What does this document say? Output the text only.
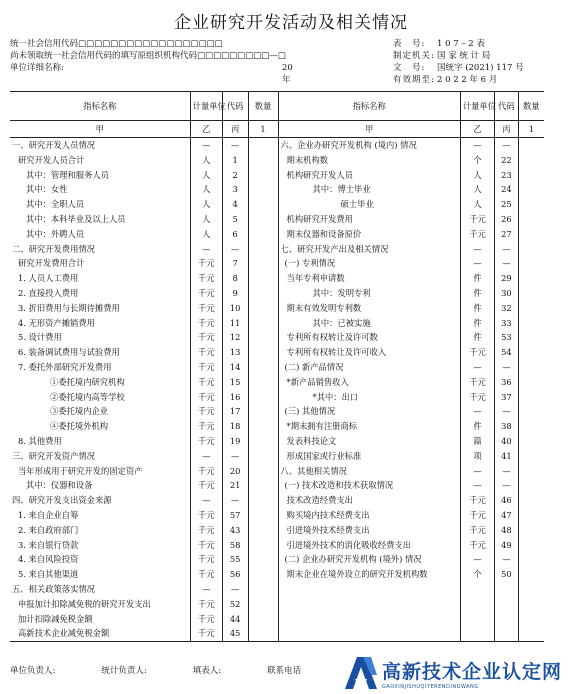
企业研究开发活动及相关情况
统一社会信用代码□□□□□□□□□□□□□□□□□□
尚未领取统一社会信用代码的填写原组织机构代码□□□□□□□□□—□
单位详细名称:	20　　年
表　号:	1 0 7 – 2 表
制定机关: 国 家 统 计 局
文　号:	国统字 (2021) 117 号
有效期至: 2 0 2 2 年 6 月
指标名称	计量单位	代码	数量	指标名称	计量单位	代码	数量
甲	乙	丙	1	甲	乙	丙	1
一、研究开发人员情况	—	—		六、企业办研究开发机构 (境内) 情况	—	—	
研究开发人员合计	人	1		期末机构数	个	22	
其中：管理和服务人员	人	2		机构研究开发人员	人	23	
其中：女性	人	3		其中：博士毕业	人	24	
其中：全职人员	人	4		硕士毕业	人	25	
其中：本科毕业及以上人员	人	5		机构研究开发费用	千元	26	
其中：外聘人员	人	6		期末仪器和设备原价	千元	27	
二、研究开发费用情况	—	—		七、研究开发产出及相关情况	—	—	
研究开发费用合计	千元	7		(一) 专利情况	—	—	
1. 人员人工费用	千元	8		当年专利申请数	件	29	
2. 直接投入费用	千元	9		其中：发明专利	件	30	
3. 折旧费用与长期待摊费用	千元	10		期末有效发明专利数	件	32	
4. 无形资产摊销费用	千元	11		其中：已被实施	件	33	
5. 设计费用	千元	12		专利所有权转让及许可数	件	53	
6. 装备调试费用与试验费用	千元	13		专利所有权转让及许可收入	千元	54	
7. 委托外部研究开发费用	千元	14		(二) 新产品情况	—	—	
①委托境内研究机构	千元	15		*新产品销售收入	千元	36	
②委托境内高等学校	千元	16		*其中：出口	千元	37	
③委托境内企业	千元	17		(三) 其他情况	—	—	
④委托境外机构	千元	18		*期末拥有注册商标	件	38	
8. 其他费用	千元	19		发表科技论文	篇	40	
三、研究开发资产情况	—	—		形成国家或行业标准	项	41	
当年形成用于研究开发的固定资产	千元	20		八、其他相关情况	—	—	
其中：仪器和设备	千元	21		(一) 技术改造和技术获取情况	—	—	
四、研究开发支出资金来源	—	—		技术改造经费支出	千元	46	
1. 来自企业自筹	千元	57		购买境内技术经费支出	千元	47	
2. 来自政府部门	千元	43		引进境外技术经费支出	千元	48	
3. 来自银行贷款	千元	58		引进境外技术的消化吸收经费支出	千元	49	
4. 来自风险投资	千元	55		(二) 企业办研究开发机构 (境外) 情况	—	—	
5. 来自其他渠道	千元	56		期末企业在境外设立的研究开发机构数	个	50	
五、相关政策落实情况	—	—					
申报加计扣除减免税的研究开发支出	千元	52					
加计扣除减免税金额	千元	44					
高新技术企业减免税金额	千元	45					
单位负责人:	统计负责人:	填表人:	联系电话	高新技术企业认定网
GAOXINJISHUQIYERENDINGWANG
